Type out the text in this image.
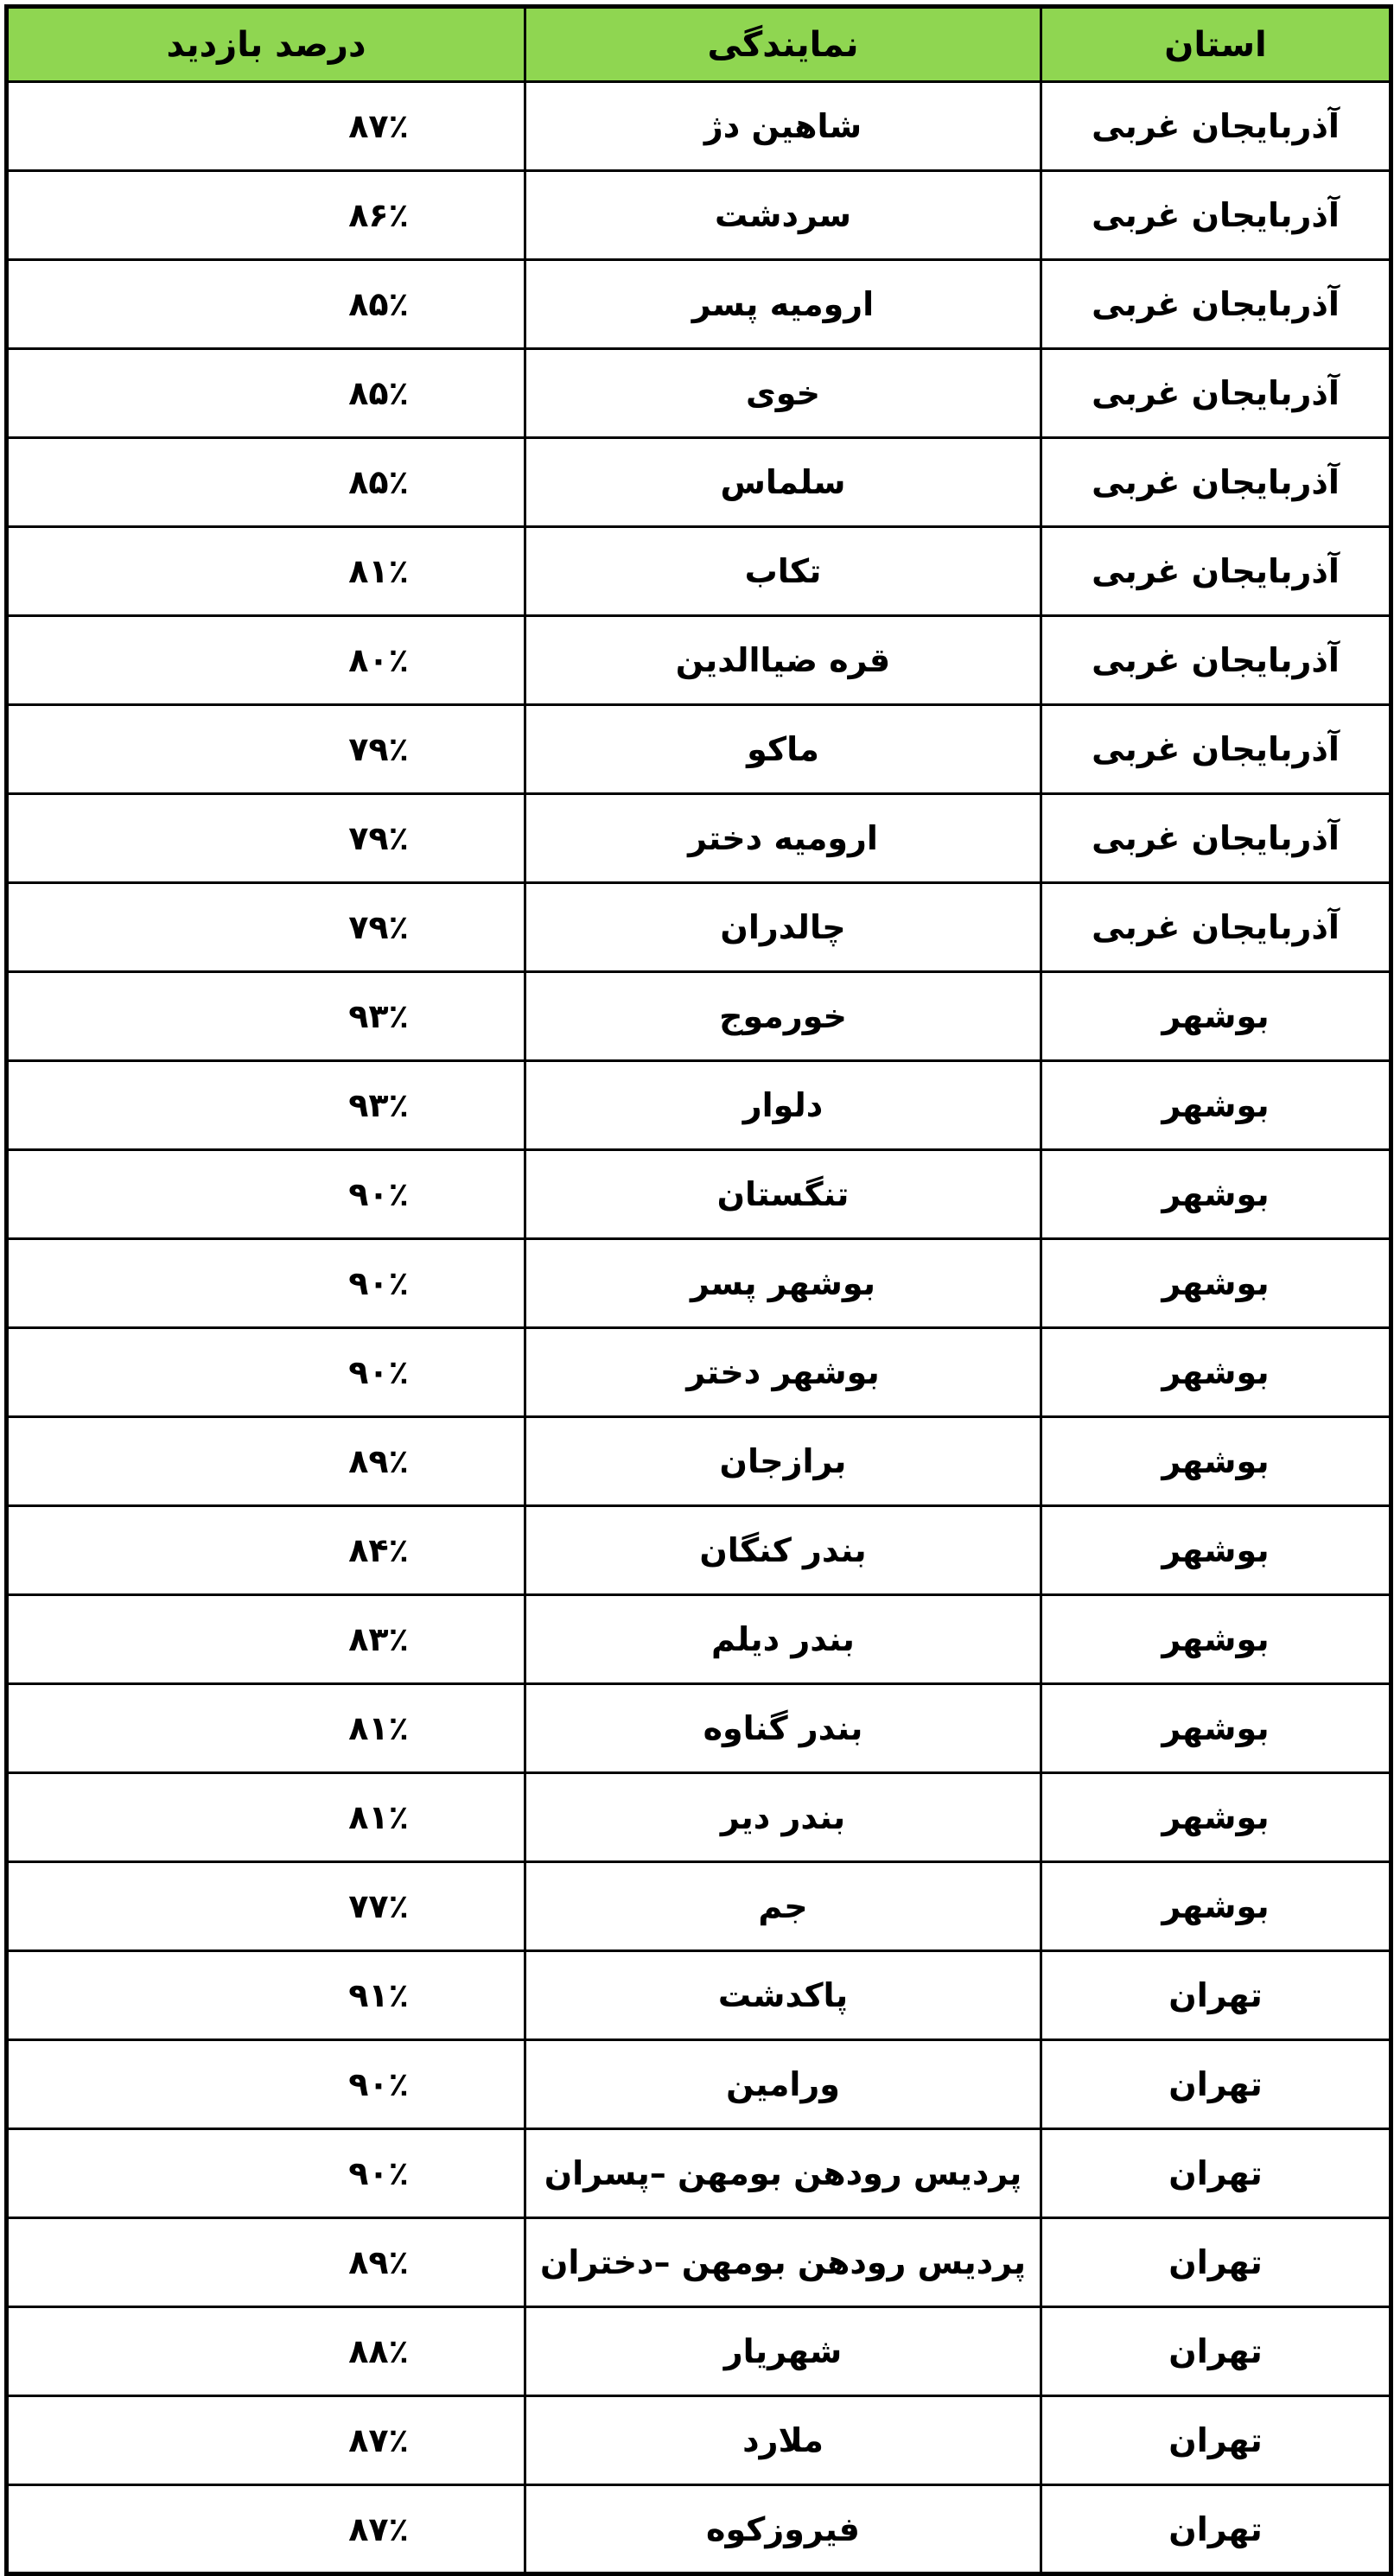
استان	نمایندگی	درصد بازدید
آذربایجان غربی	شاهین دژ	۸۷٪
آذربایجان غربی	سردشت	۸۶٪
آذربایجان غربی	ارومیه پسر	۸۵٪
آذربایجان غربی	خوی	۸۵٪
آذربایجان غربی	سلماس	۸۵٪
آذربایجان غربی	تکاب	۸۱٪
آذربایجان غربی	قره ضیاالدین	۸۰٪
آذربایجان غربی	ماکو	۷۹٪
آذربایجان غربی	ارومیه دختر	۷۹٪
آذربایجان غربی	چالدران	۷۹٪
بوشهر	خورموج	۹۳٪
بوشهر	دلوار	۹۳٪
بوشهر	تنگستان	۹۰٪
بوشهر	بوشهر پسر	۹۰٪
بوشهر	بوشهر دختر	۹۰٪
بوشهر	برازجان	۸۹٪
بوشهر	بندر کنگان	۸۴٪
بوشهر	بندر دیلم	۸۳٪
بوشهر	بندر گناوه	۸۱٪
بوشهر	بندر دیر	۸۱٪
بوشهر	جم	۷۷٪
تهران	پاکدشت	۹۱٪
تهران	ورامین	۹۰٪
تهران	پردیس رودهن بومهن –پسران	۹۰٪
تهران	پردیس رودهن بومهن –دختران	۸۹٪
تهران	شهریار	۸۸٪
تهران	ملارد	۸۷٪
تهران	فیروزکوه	۸۷٪
